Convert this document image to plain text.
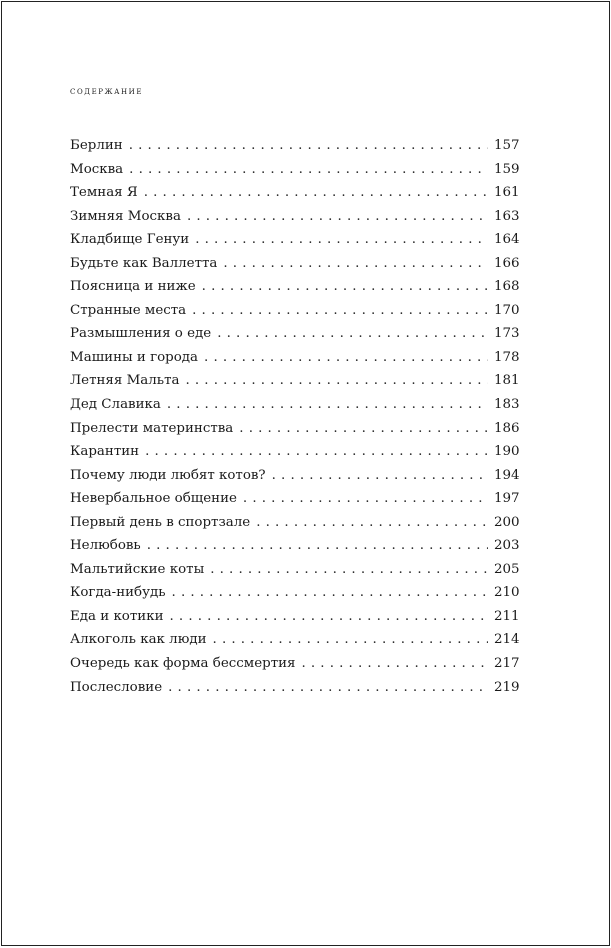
содержание
Берлин . . .	157
Москва . . .	159
Темная Я . . .	161
Зимняя Москва . . .	163
Кладбище Генуи . . .	164
Будьте как Валлетта . . .	166
Поясница и ниже . . .	168
Странные места . . .	170
Размышления о еде . . .	173
Машины и города . . .	178
Летняя Мальта . . .	181
Дед Славика . . .	183
Прелести материнства . . .	186
Карантин . . .	190
Почему люди любят котов? . . .	194
Невербальное общение . . .	197
Первый день в спортзале . . .	200
Нелюбовь . . .	203
Мальтийские коты . . .	205
Когда-нибудь . . .	210
Еда и котики . . .	211
Алкоголь как люди . . .	214
Очередь как форма бессмертия . . .	217
Послесловие . . .	219
